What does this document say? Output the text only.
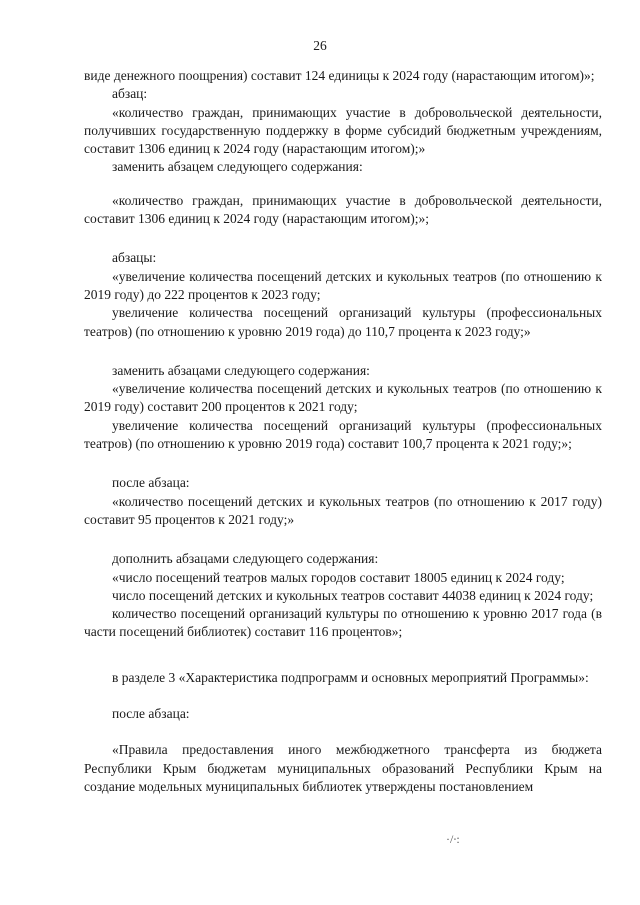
26

виде денежного поощрения) составит 124 единицы к 2024 году (нарастающим итогом)»;

абзац:

«количество граждан, принимающих участие в добровольческой деятельности, получивших государственную поддержку в форме субсидий бюджетным учреждениям, составит 1306 единиц к 2024 году (нарастающим итогом);»

заменить абзацем следующего содержания:

«количество граждан, принимающих участие в добровольческой деятельности, составит 1306 единиц к 2024 году (нарастающим итогом);»;

абзацы:

«увеличение количества посещений детских и кукольных театров (по отношению к 2019 году) до 222 процентов к 2023 году;

увеличение количества посещений организаций культуры (профессиональных театров) (по отношению к уровню 2019 года) до 110,7 процента к 2023 году;»

заменить абзацами следующего содержания:

«увеличение количества посещений детских и кукольных театров (по отношению к 2019 году) составит 200 процентов к 2021 году;

увеличение количества посещений организаций культуры (профессиональных театров) (по отношению к уровню 2019 года) составит 100,7 процента к 2021 году;»;

после абзаца:

«количество посещений детских и кукольных театров (по отношению к 2017 году) составит 95 процентов к 2021 году;»

дополнить абзацами следующего содержания:

«число посещений театров малых городов составит 18005 единиц к 2024 году;

число посещений детских и кукольных театров составит 44038 единиц к 2024 году;

количество посещений организаций культуры по отношению к уровню 2017 года (в части посещений библиотек) составит 116 процентов»;

в разделе 3 «Характеристика подпрограмм и основных мероприятий Программы»:

после абзаца:

«Правила предоставления иного межбюджетного трансферта из бюджета Республики Крым бюджетам муниципальных образований Республики Крым на создание модельных муниципальных библиотек утверждены постановлением

·/∙:
